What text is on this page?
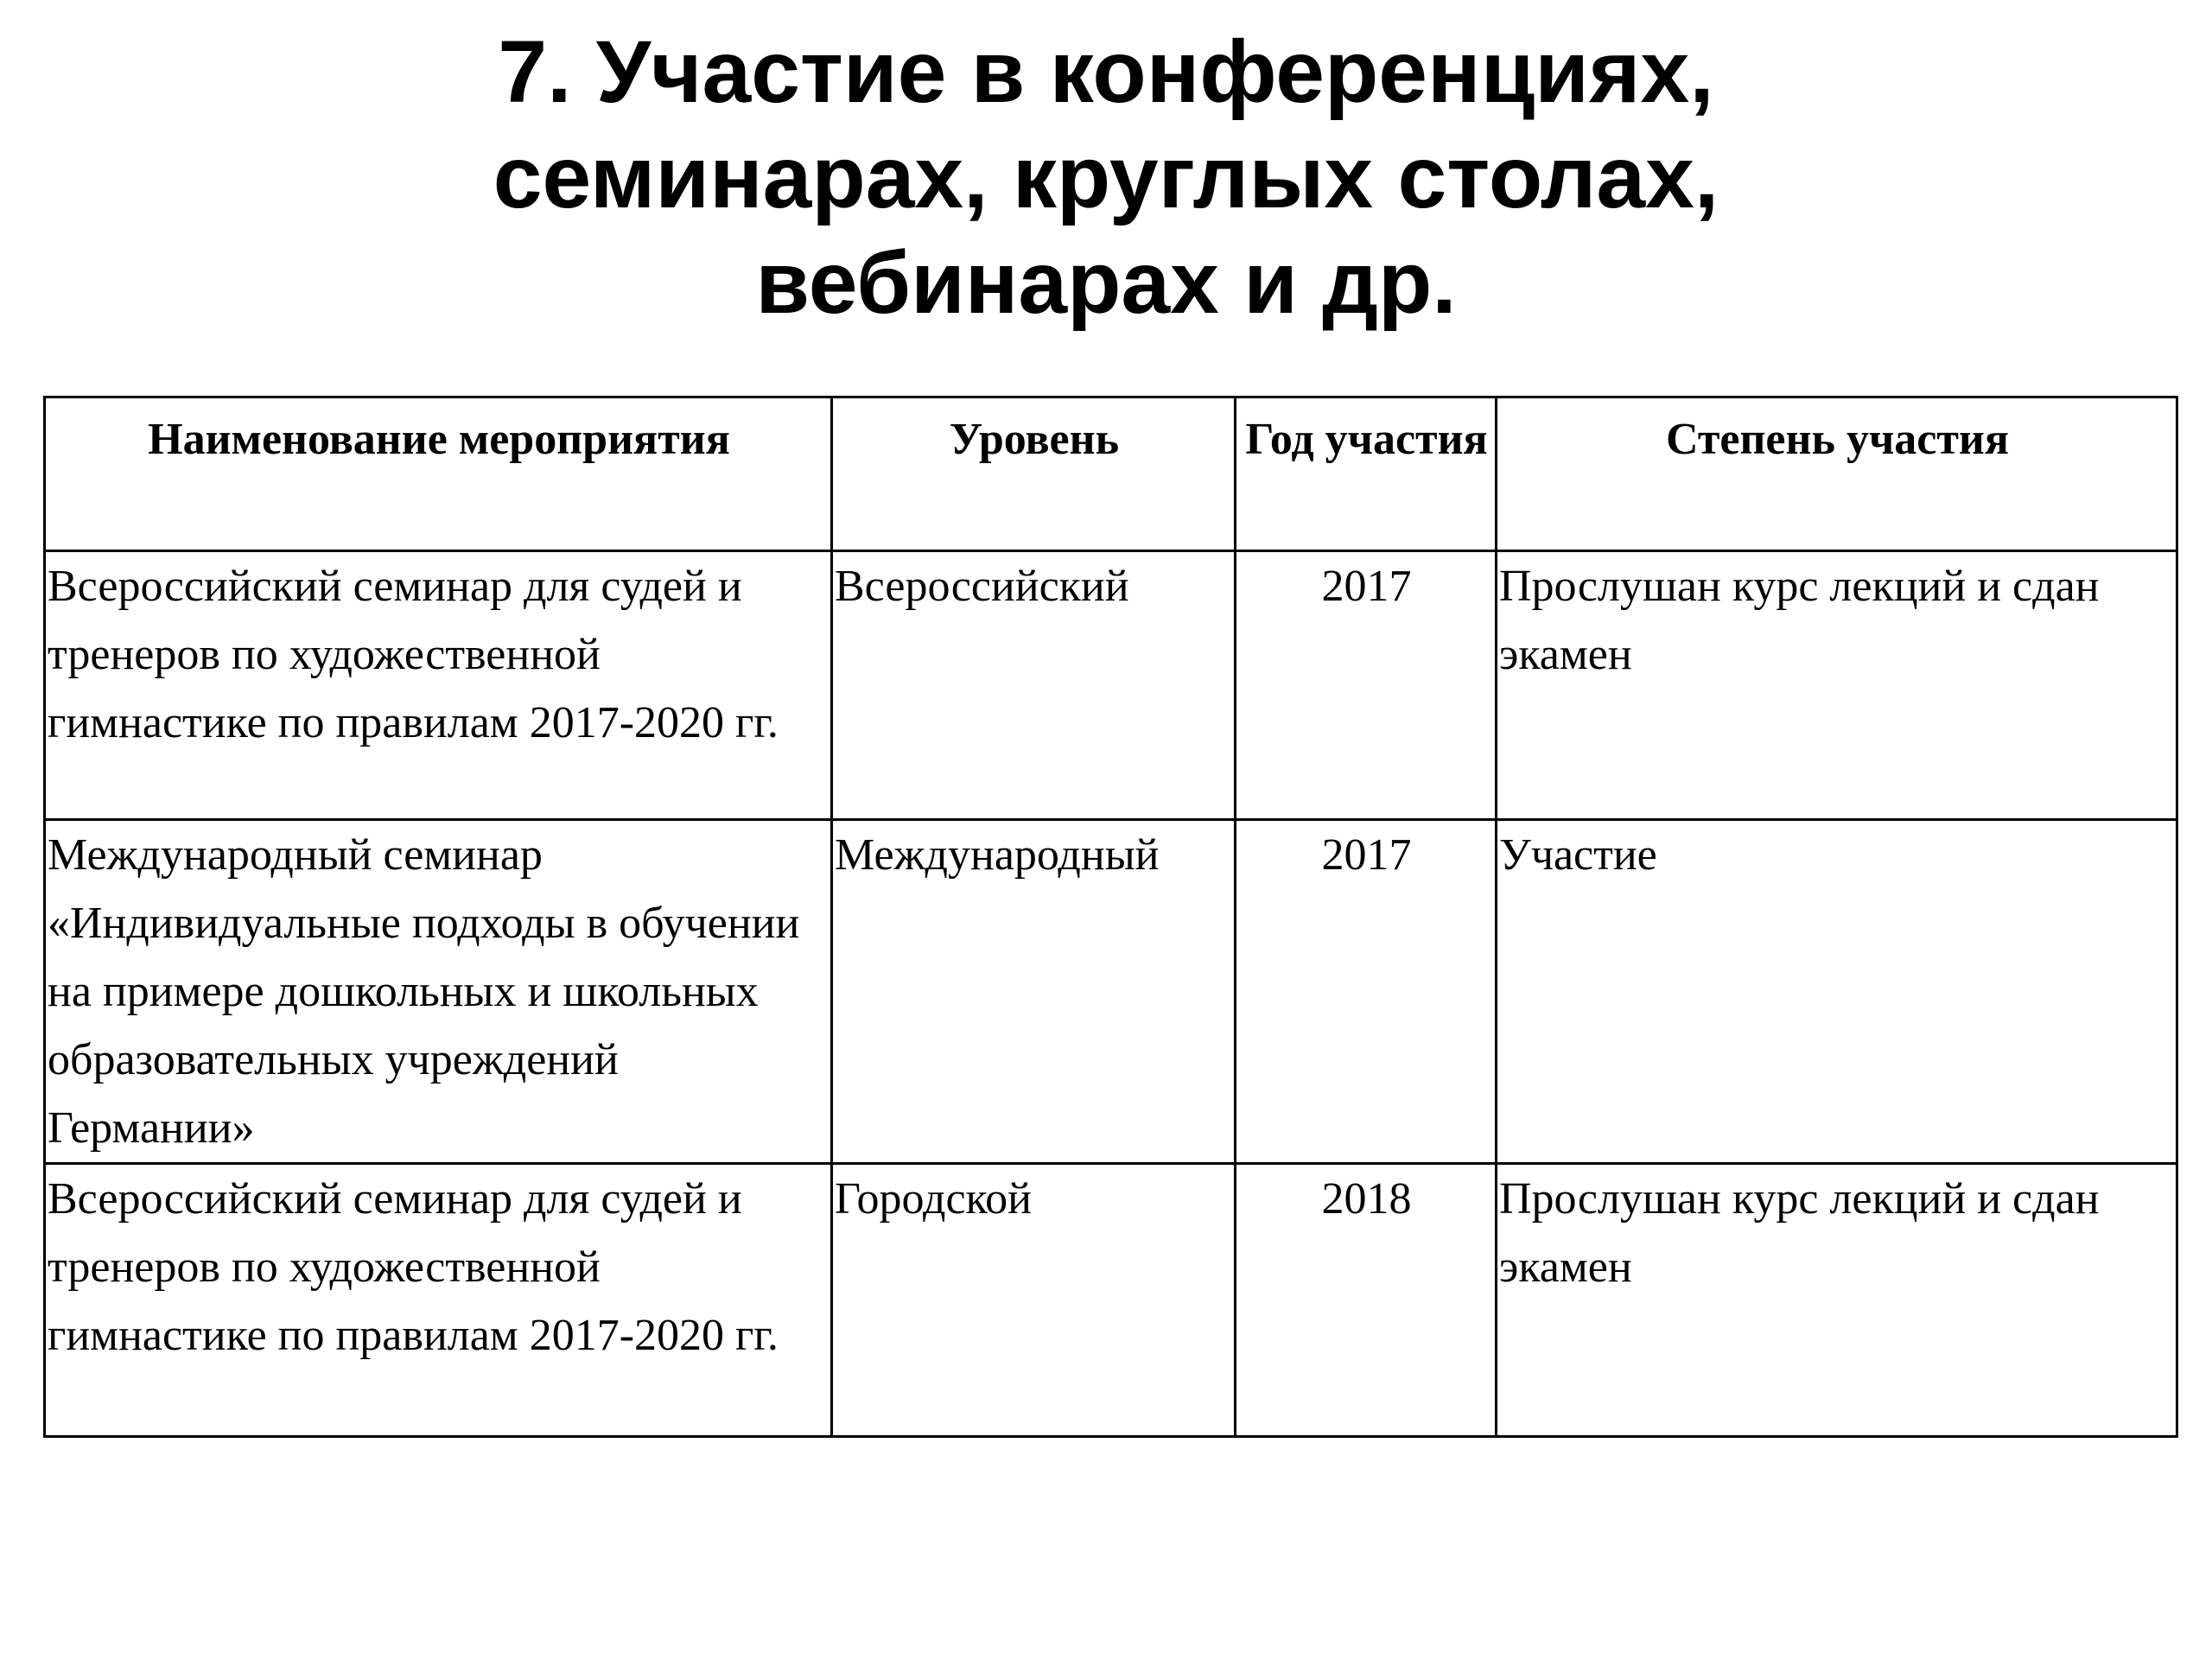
7. Участие в конференциях,
семинарах, круглых столах,
вебинарах и др.
Наименование мероприятия	Уровень	Год участия	Степень участия
Всероссийский семинар для судей и тренеров по художественной гимнастике по правилам 2017-2020 гг.	Всероссийский	2017	Прослушан курс лекций и сдан экамен
Международный семинар «Индивидуальные подходы в обучении на примере дошкольных и школьных образовательных учреждений Германии»	Международный	2017	Участие
Всероссийский семинар для судей и тренеров по художественной гимнастике по правилам 2017-2020 гг.	Городской	2018	Прослушан курс лекций и сдан экамен
